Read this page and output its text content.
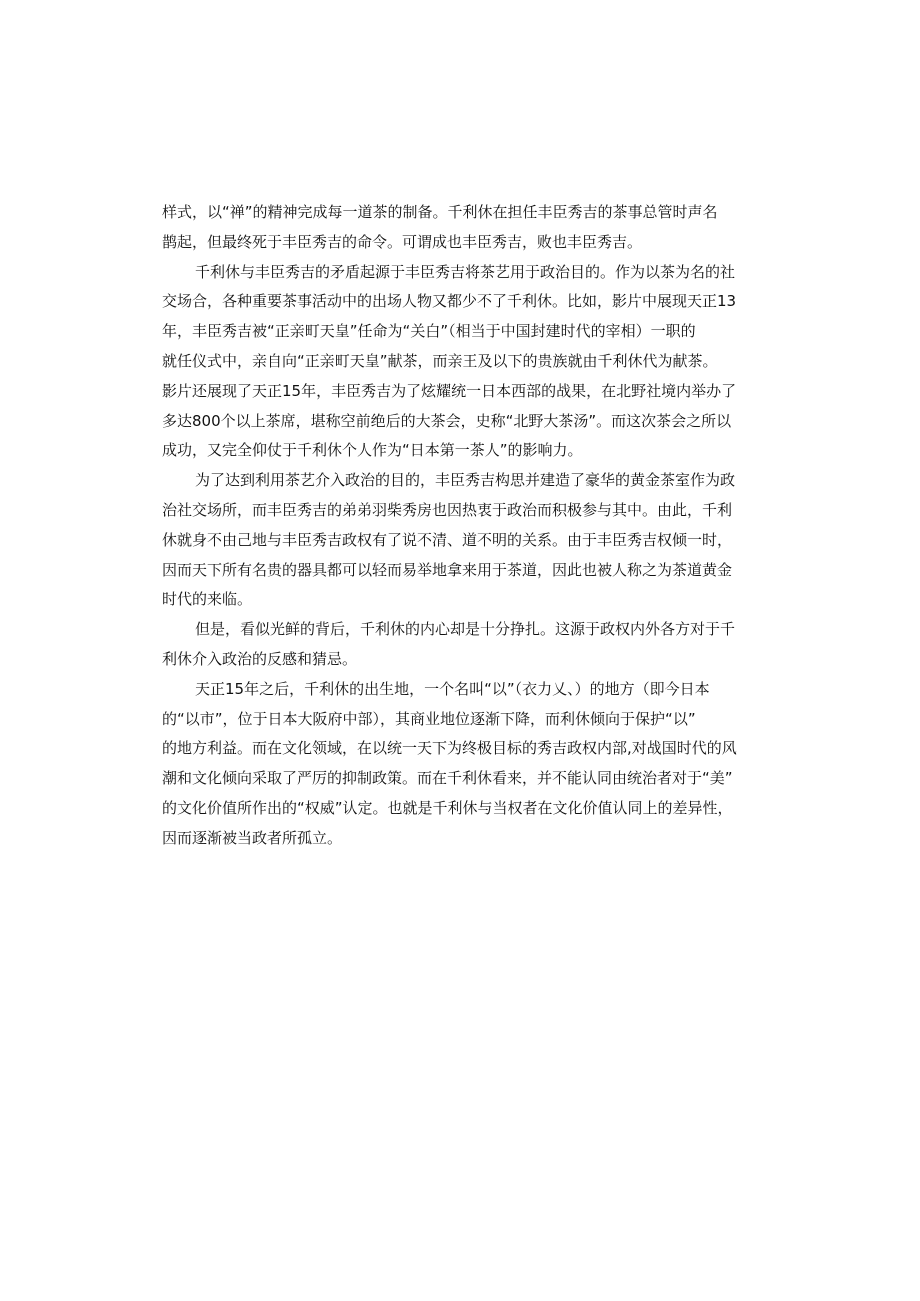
样式，以“禅”的精神完成每一道茶的制备。千利休在担任丰臣秀吉的茶事总管时声名
鹊起，但最终死于丰臣秀吉的命令。可谓成也丰臣秀吉，败也丰臣秀吉。
千利休与丰臣秀吉的矛盾起源于丰臣秀吉将茶艺用于政治目的。作为以茶为名的社
交场合，各种重要茶事活动中的出场人物又都少不了千利休。比如，影片中展现天正13
年，丰臣秀吉被“正亲町天皇”任命为“关白”（相当于中国封建时代的宰相）一职的
就任仪式中，亲自向“正亲町天皇”献茶，而亲王及以下的贵族就由千利休代为献茶。
影片还展现了天正15年，丰臣秀吉为了炫耀统一日本西部的战果，在北野社境内举办了
多达800个以上茶席，堪称空前绝后的大茶会，史称“北野大茶汤”。而这次茶会之所以
成功，又完全仰仗于千利休个人作为“日本第一茶人”的影响力。
为了达到利用茶艺介入政治的目的，丰臣秀吉构思并建造了豪华的黄金茶室作为政
治社交场所，而丰臣秀吉的弟弟羽柴秀房也因热衷于政治而积极参与其中。由此，千利
休就身不由己地与丰臣秀吉政权有了说不清、道不明的关系。由于丰臣秀吉权倾一时，
因而天下所有名贵的器具都可以轻而易举地拿来用于茶道，因此也被人称之为茶道黄金
时代的来临。
但是，看似光鲜的背后，千利休的内心却是十分挣扎。这源于政权内外各方对于千
利休介入政治的反感和猜忌。
天正15年之后，千利休的出生地，一个名叫“以”（衣力乂、）的地方（即今日本
的“以市”，位于日本大阪府中部），其商业地位逐渐下降，而利休倾向于保护“以”
的地方利益。而在文化领域，在以统一天下为终极目标的秀吉政权内部,对战国时代的风
潮和文化倾向采取了严厉的抑制政策。而在千利休看来，并不能认同由统治者对于“美”
的文化价值所作出的“权威”认定。也就是千利休与当权者在文化价值认同上的差异性，
因而逐渐被当政者所孤立。
